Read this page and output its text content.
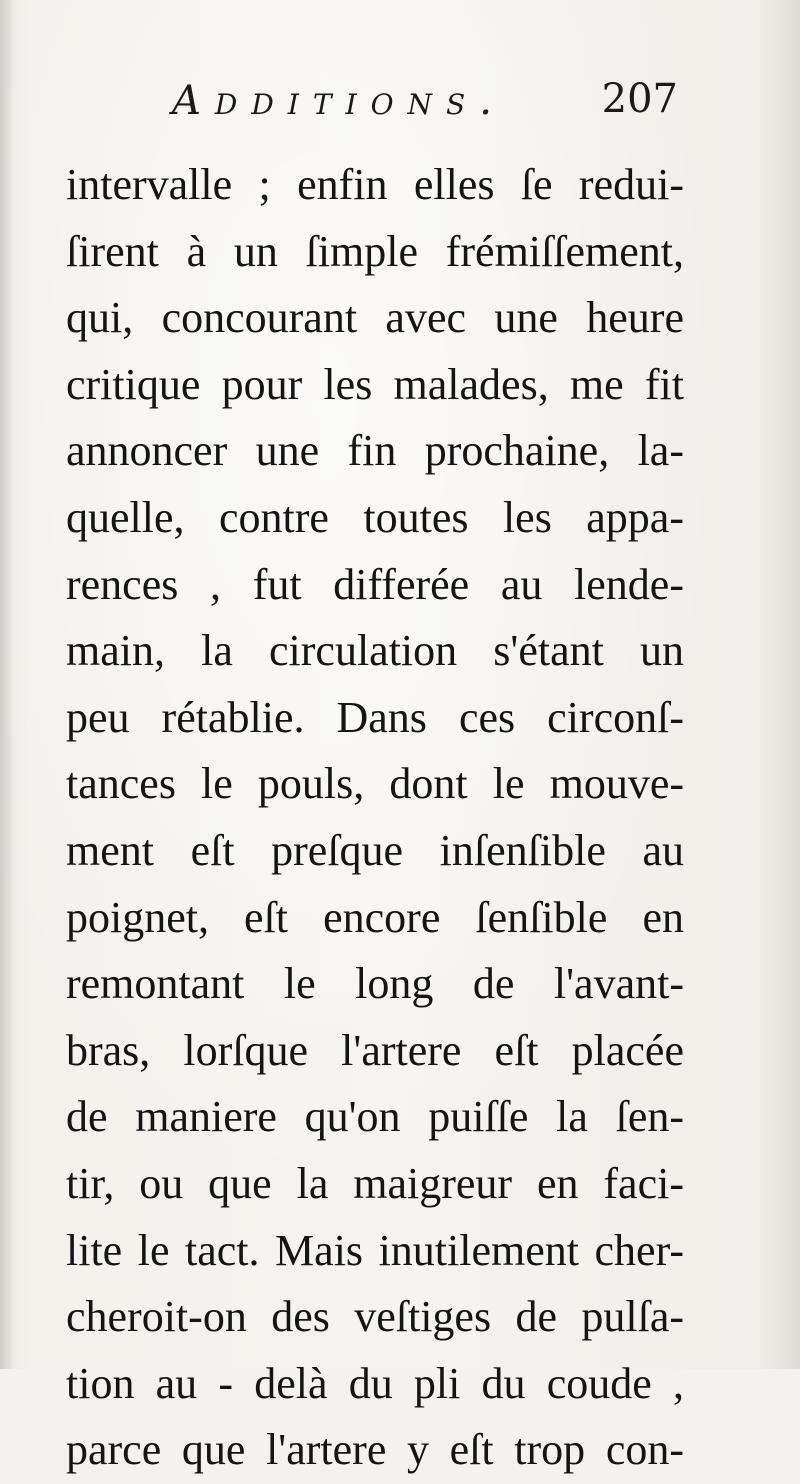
Additions. 207
intervalle ; enfin elles ſe redui-
ſirent à un ſimple frémiſſement,
qui, concourant avec une heure
critique pour les malades, me fit
annoncer une fin prochaine, la-
quelle, contre toutes les appa-
rences , fut differée au lende-
main, la circulation s'étant un
peu rétablie. Dans ces circonſ-
tances le pouls, dont le mouve-
ment eſt preſque inſenſible au
poignet, eſt encore ſenſible en
remontant le long de l'avant-
bras, lorſque l'artere eſt placée
de maniere qu'on puiſſe la ſen-
tir, ou que la maigreur en faci-
lite le tact. Mais inutilement cher-
cheroit-on des veſtiges de pulſa-
tion au - delà du pli du coude ,
parce que l'artere y eſt trop con-
